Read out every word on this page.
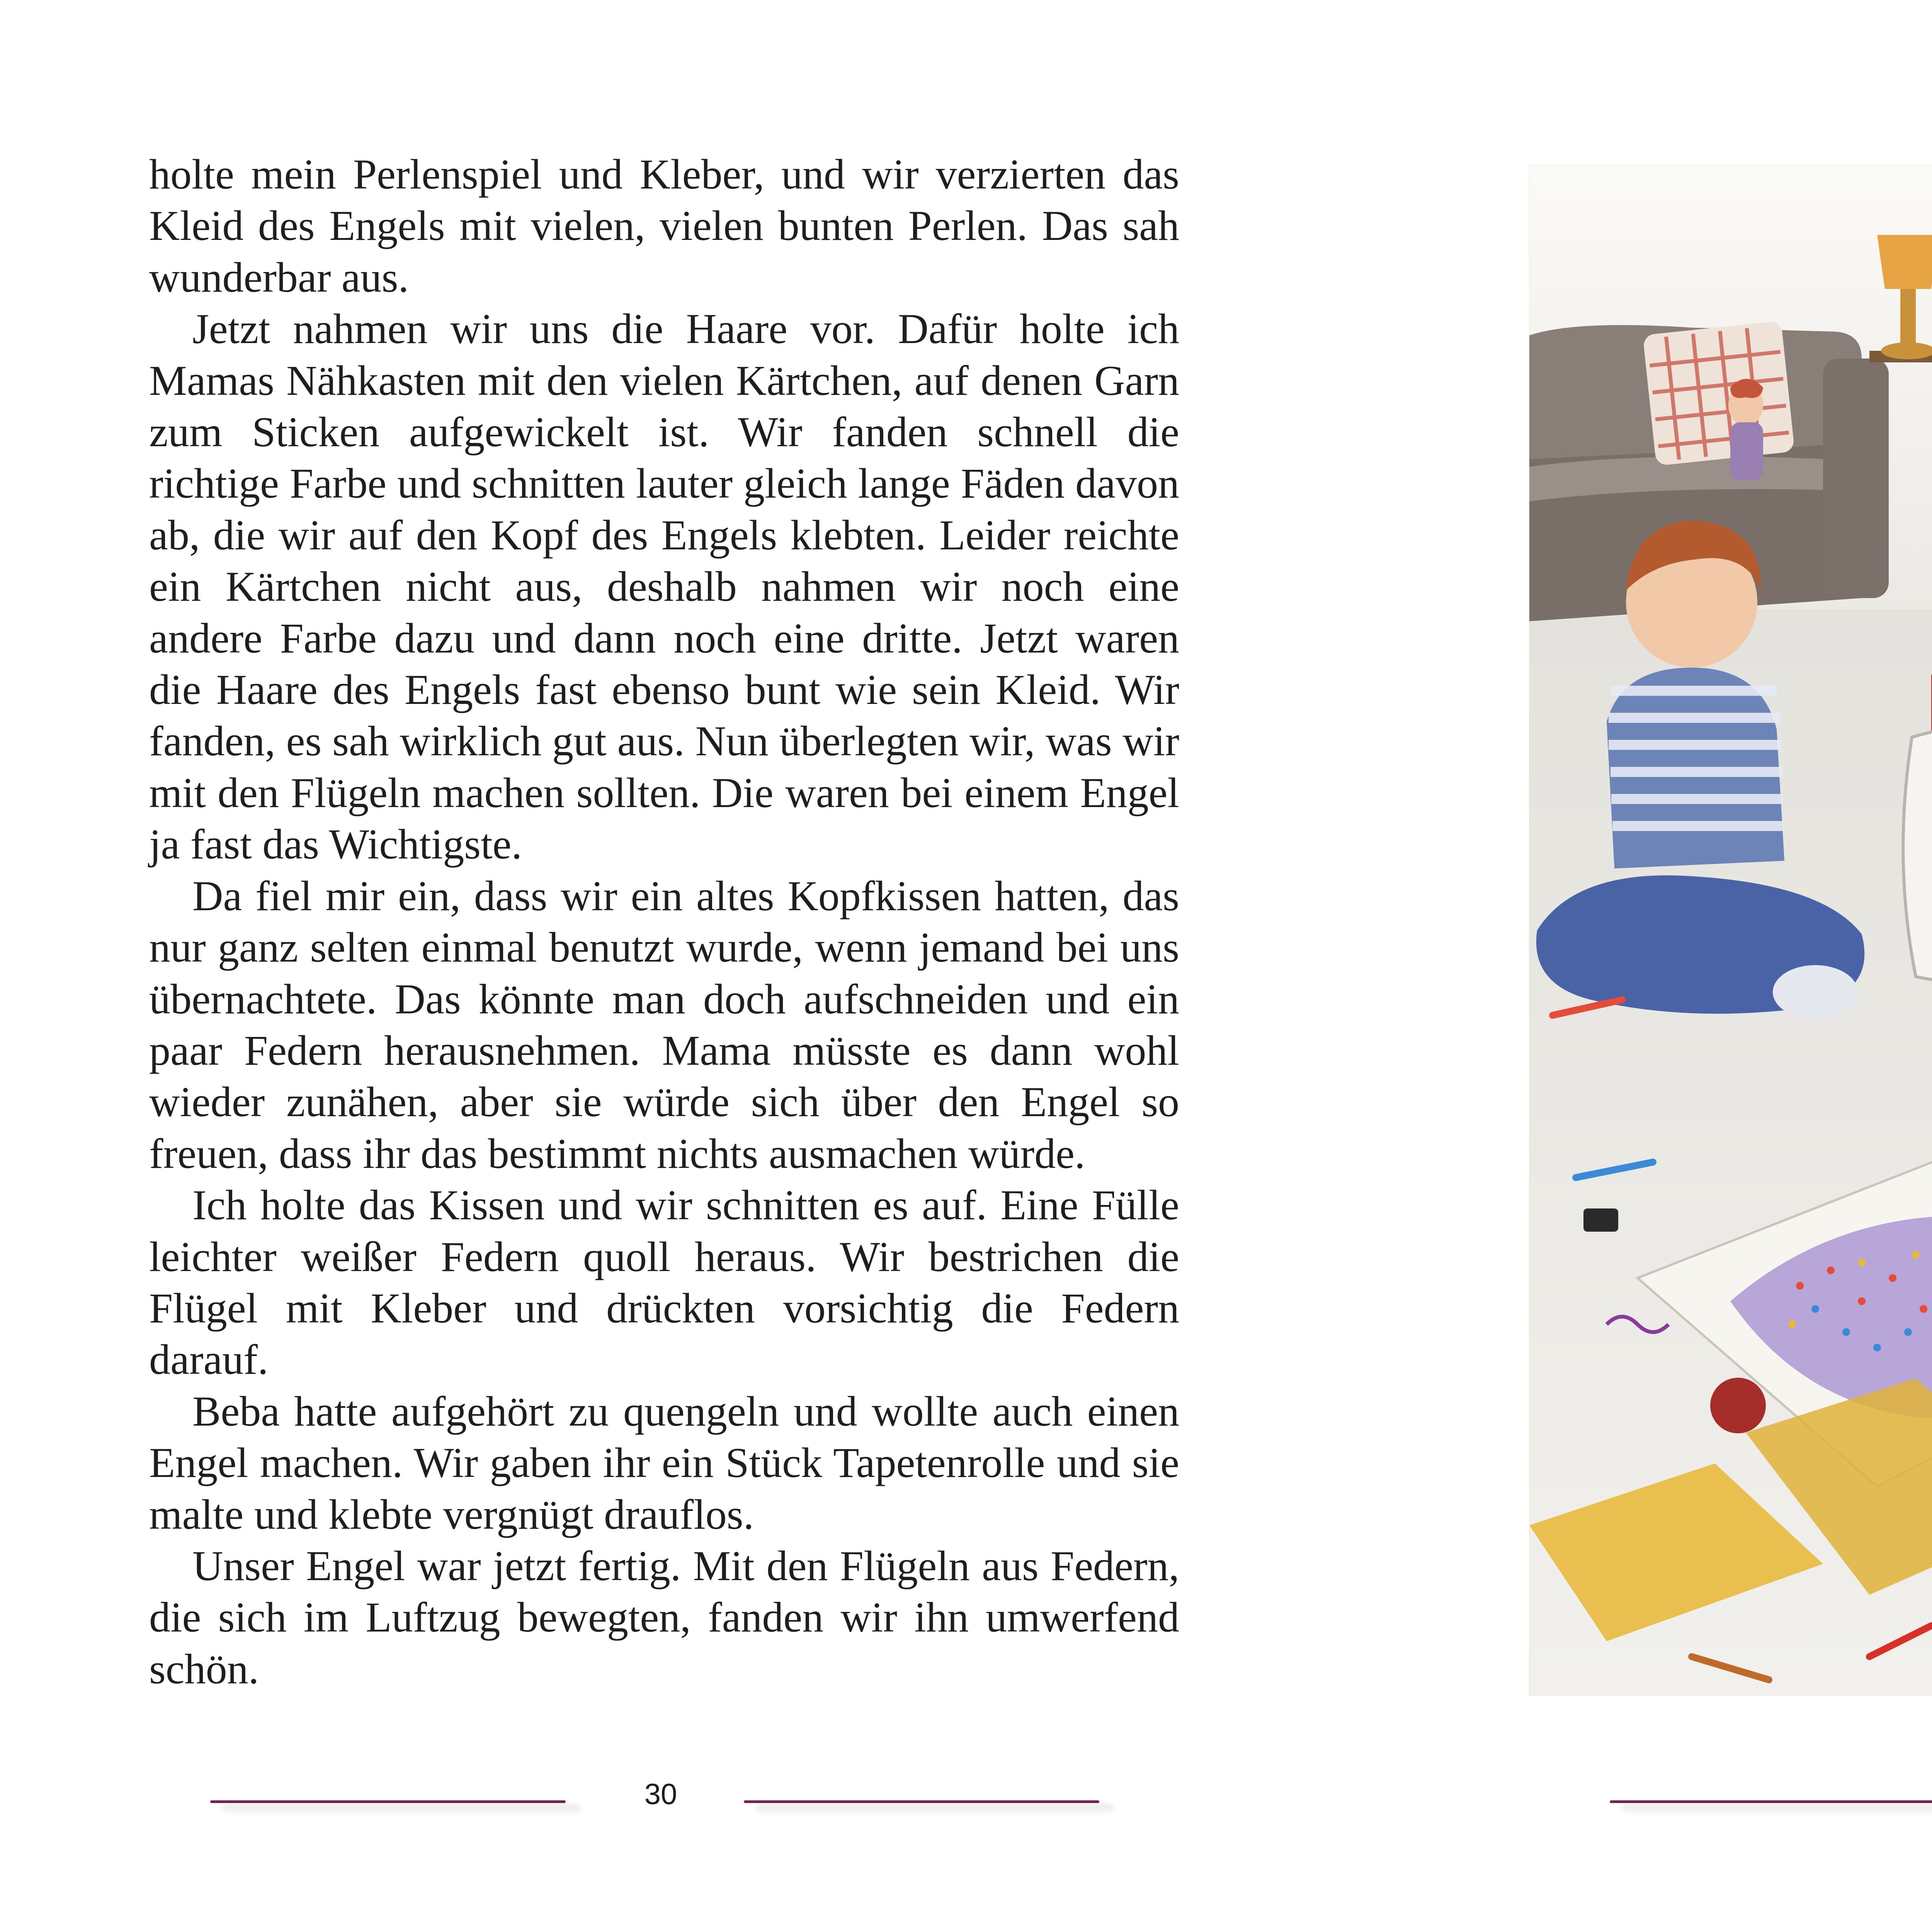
holte mein Perlenspiel und Kleber, und wir verzierten das Kleid des Engels mit vielen, vielen bunten Perlen. Das sah wunderbar aus.

Jetzt nahmen wir uns die Haare vor. Dafür holte ich Mamas Nähkasten mit den vielen Kärtchen, auf denen Garn zum Sticken aufgewickelt ist. Wir fanden schnell die richtige Farbe und schnitten lauter gleich lange Fäden davon ab, die wir auf den Kopf des Engels klebten. Leider reichte ein Kärtchen nicht aus, deshalb nahmen wir noch eine andere Farbe dazu und dann noch eine dritte. Jetzt waren die Haare des Engels fast ebenso bunt wie sein Kleid. Wir fanden, es sah wirklich gut aus. Nun überlegten wir, was wir mit den Flügeln machen sollten. Die waren bei einem Engel ja fast das Wichtigste.

Da fiel mir ein, dass wir ein altes Kopfkissen hatten, das nur ganz selten einmal benutzt wurde, wenn jemand bei uns übernachtete. Das könnte man doch aufschneiden und ein paar Federn herausnehmen. Mama müsste es dann wohl wieder zunähen, aber sie würde sich über den Engel so freuen, dass ihr das bestimmt nichts ausmachen würde.

Ich holte das Kissen und wir schnitten es auf. Eine Fülle leichter weißer Federn quoll heraus. Wir bestrichen die Flügel mit Kleber und drückten vorsichtig die Federn darauf.

Beba hatte aufgehört zu quengeln und wollte auch einen Engel machen. Wir gaben ihr ein Stück Tapetenrolle und sie malte und klebte vergnügt drauflos.

Unser Engel war jetzt fertig. Mit den Flügeln aus Federn, die sich im Luftzug bewegten, fanden wir ihn umwerfend schön.

30
